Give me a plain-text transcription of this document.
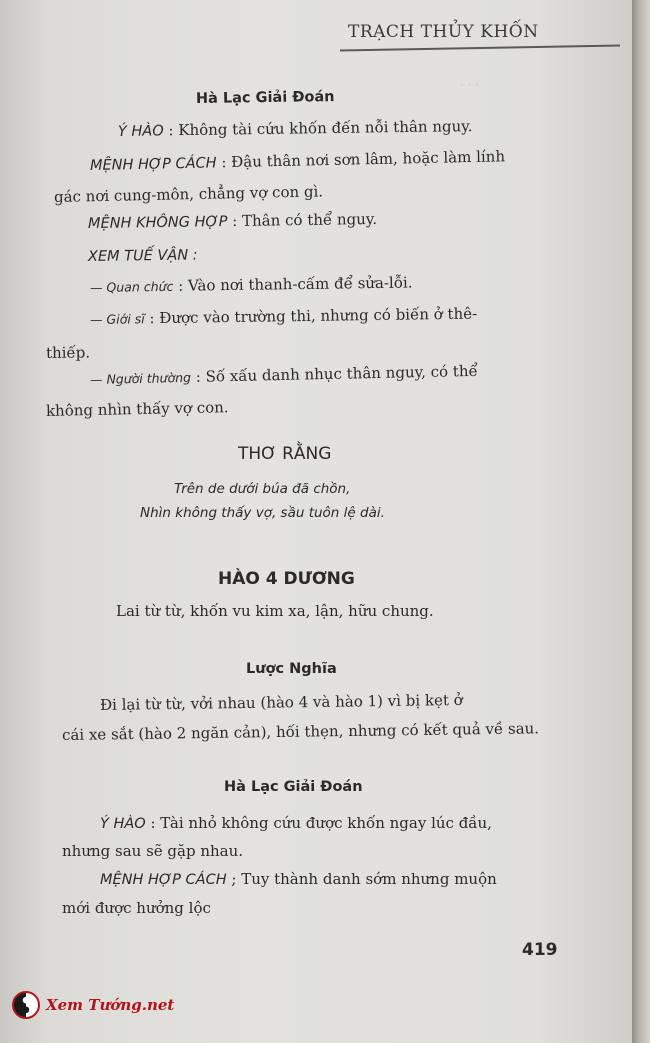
TRẠCH THỦY KHỐN
· · ·
Hà Lạc Giải Đoán
Ý HÀO : Không tài cứu khốn đến nỗi thân nguy.
MỆNH HỢP CÁCH : Đậu thân nơi sơn lâm, hoặc làm lính
gác nơi cung-môn, chẳng vợ con gì.
MỆNH KHÔNG HỢP : Thân có thể nguy.
XEM TUẾ VẬN :
— Quan chức : Vào nơi thanh-cấm để sửa-lỗi.
— Giới sĩ : Được vào trường thi, nhưng có biến ở thê-
thiếp.
— Người thường : Số xấu danh nhục thân nguy, có thể
không nhìn thấy vợ con.
THƠ RẰNG
Trên de dưới búa đã chồn,
Nhìn không thấy vợ, sầu tuôn lệ dài.
HÀO 4 DƯƠNG
Lai từ từ, khốn vu kim xa, lận, hữu chung.
Lược Nghĩa
Đi lại từ từ, vởi nhau (hào 4 và hào 1) vì bị kẹt ở
cái xe sắt (hào 2 ngăn cản), hối thẹn, nhưng có kết quả về sau.
Hà Lạc Giải Đoán
Ý HÀO : Tài nhỏ không cứu được khốn ngay lúc đầu,
nhưng sau sẽ gặp nhau.
MỆNH HỢP CÁCH ; Tuy thành danh sớm nhưng muộn
mới được hưởng lộc
419
Xem Tướng.net
